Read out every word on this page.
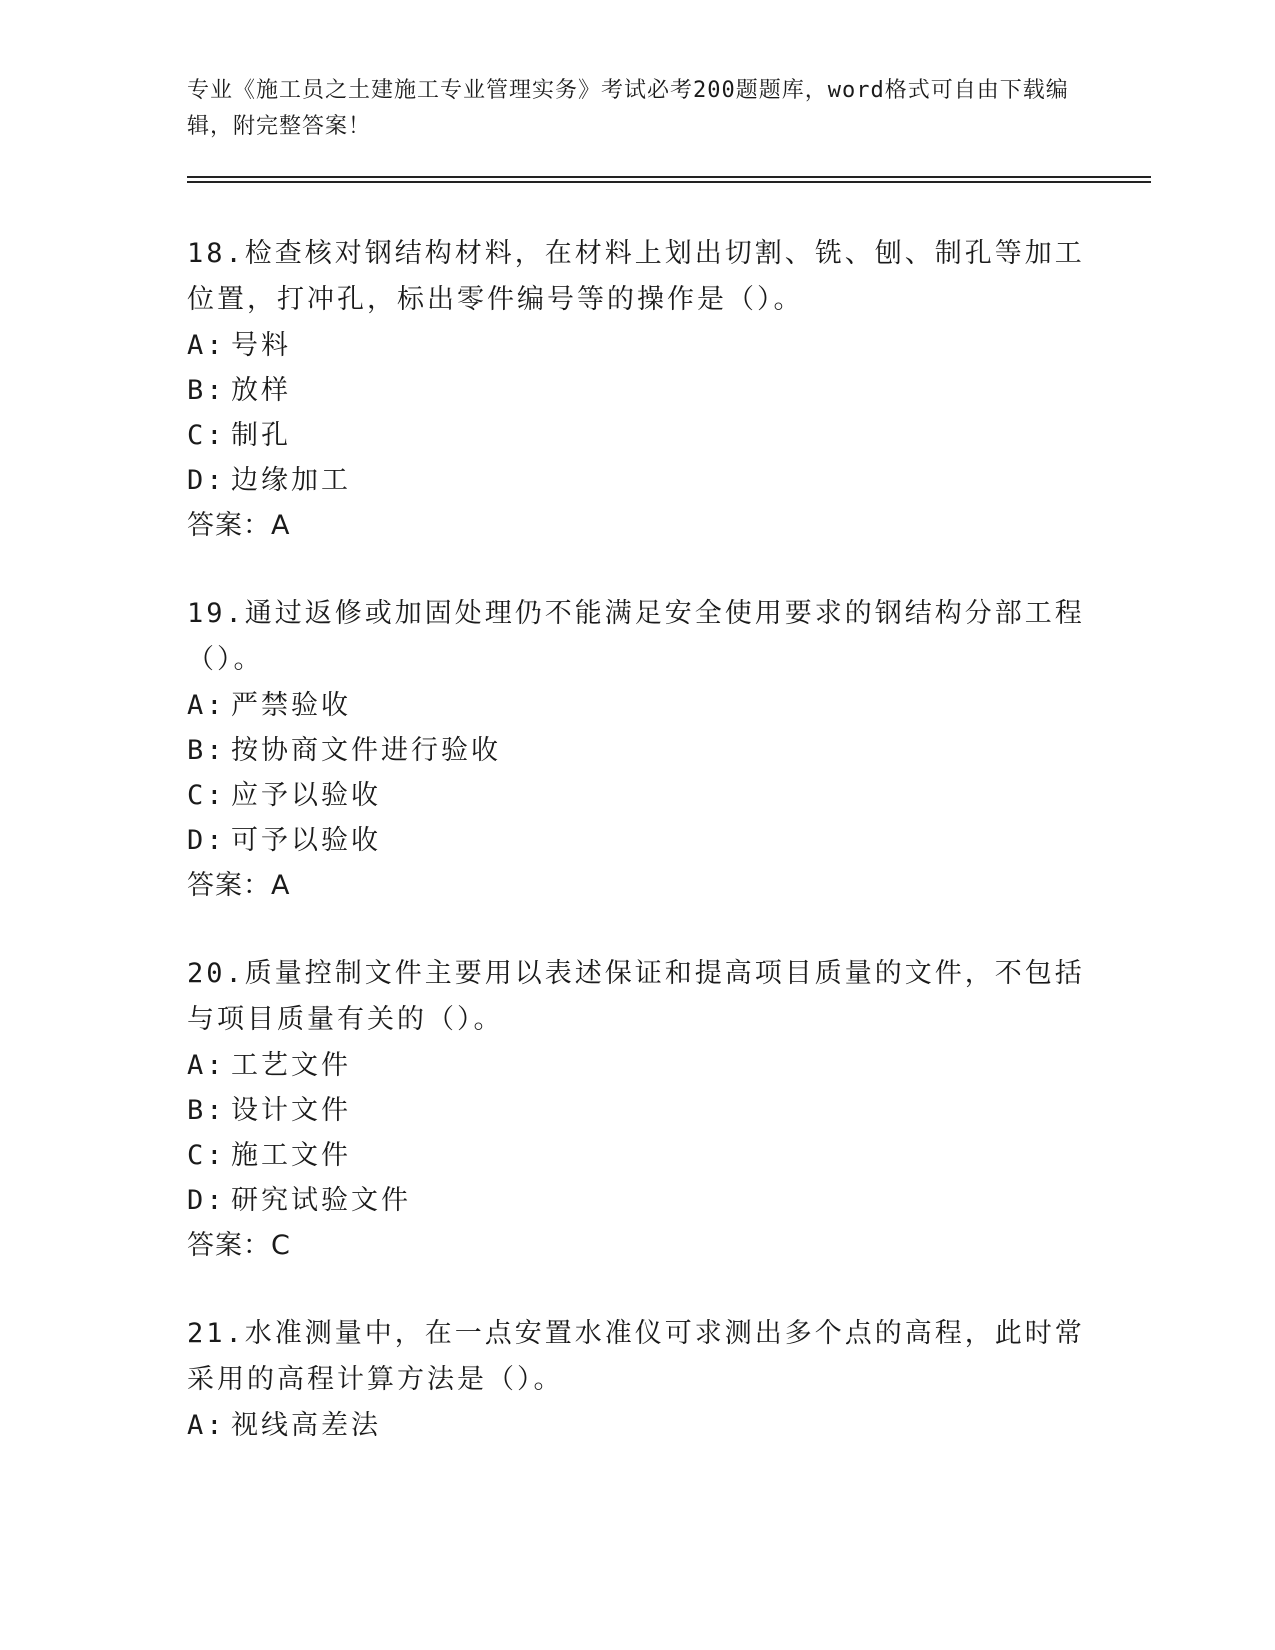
专业《施工员之土建施工专业管理实务》考试必考200题题库，word格式可自由下载编辑，附完整答案！

18.检查核对钢结构材料，在材料上划出切割、铣、刨、制孔等加工位置，打冲孔，标出零件编号等的操作是（）。

A: 号料

B: 放样

C: 制孔

D: 边缘加工

答案：A

19.通过返修或加固处理仍不能满足安全使用要求的钢结构分部工程（）。

A: 严禁验收

B: 按协商文件进行验收

C: 应予以验收

D: 可予以验收

答案：A

20.质量控制文件主要用以表述保证和提高项目质量的文件，不包括与项目质量有关的（）。

A: 工艺文件

B: 设计文件

C: 施工文件

D: 研究试验文件

答案：C

21.水准测量中，在一点安置水准仪可求测出多个点的高程，此时常采用的高程计算方法是（）。

A: 视线高差法
